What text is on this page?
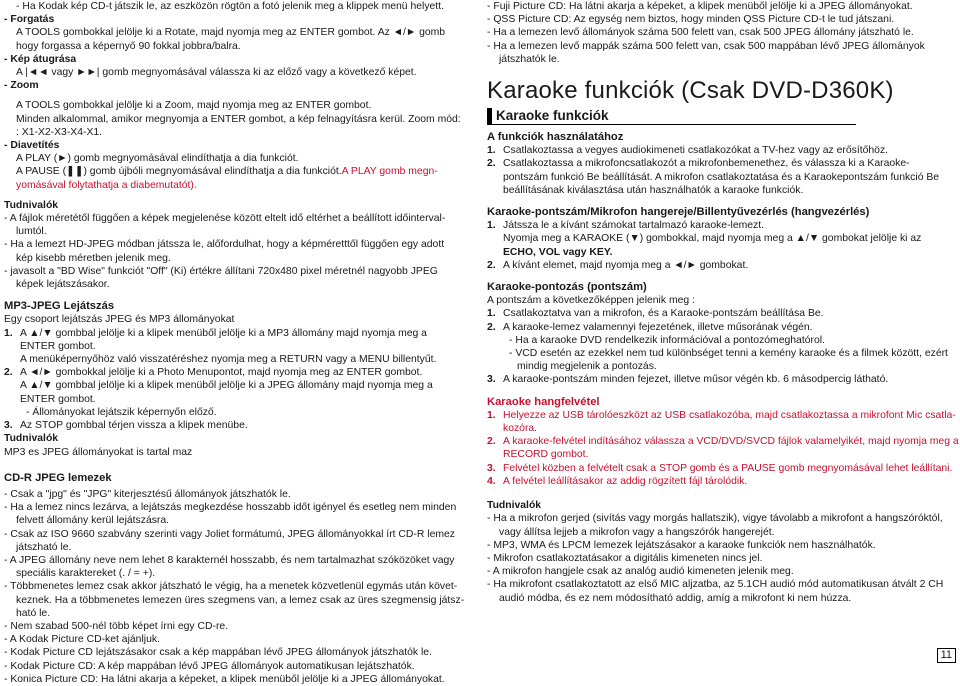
- Ha Kodak kép CD-t játszik le, az eszközön rögtön a fotó jelenik meg a klippek menü helyett.
- Forgatás
A TOOLS gombokkal jelölje ki a Rotate, majd nyomja meg az ENTER gombot. Az ◄/► gomb
hogy forgassa a képernyő 90 fokkal jobbra/balra.
- Kép átugrása
A |◄◄ vagy ►►| gomb megnyomásával válassza ki az előző vagy a következő képet.
- Zoom
A TOOLS gombokkal jelölje ki a Zoom, majd nyomja meg az ENTER gombot.
Minden alkalommal, amikor megnyomja a ENTER gombot, a kép felnagyításra kerül. Zoom mód:
: X1-X2-X3-X4-X1.
- Diavetítés
A PLAY (►) gomb megnyomásával elindíthatja a dia funkciót.
A PAUSE (❚❚) gomb újbóli megnyomásával elindíthatja a dia funkciót.A PLAY gomb megn-
yomásával folytathatja a diabemutatót).
Tudnivalók
- A fájlok méretétől függően a képek megjelenése között eltelt idő eltérhet a beállított időinterval-
lumtól.
- Ha a lemezt HD-JPEG módban játssza le, alőfordulhat, hogy a képméretttől függően egy adott
kép kisebb méretben jelenik meg.
- javasolt a "BD Wise" funkciót "Off" (Ki) értékre állítani 720x480 pixel méretnél nagyobb JPEG
képek lejátszásakor.
MP3-JPEG Lejátszás
Egy csoport lejátszás JPEG és MP3 állományokat
1. A ▲/▼ gombbal jelölje ki a klipek menüből jelölje ki a MP3 állomány majd nyomja meg a
ENTER gombot.
A menüképernyőhöz való visszatéréshez nyomja meg a RETURN vagy a MENU billentyűt.
2. A ◄/► gombokkal jelölje ki a Photo Menupontot, majd nyomja meg az ENTER gombot.
A ▲/▼ gombbal jelölje ki a klipek menüből jelölje ki a JPEG állomány majd nyomja meg a
ENTER gombot.
- Állományokat lejátszik képernyőn előző.
3. Az STOP gombbal térjen vissza a klipek menübe.
Tudnivalók
MP3 es JPEG állományokat is tartal maz
CD-R JPEG lemezek
- Csak a "jpg" és "JPG" kiterjesztésű állományok játszhatók le.
- Ha a lemez nincs lezárva, a lejátszás megkezdése hosszabb időt igényel és esetleg nem minden
felvett állomány kerül lejátszásra.
- Csak az ISO 9660 szabvány szerinti vagy Joliet formátumú, JPEG állományokkal írt CD-R lemez
játszható le.
- A JPEG állomány neve nem lehet 8 karakternél hosszabb, és nem tartalmazhat szóközöket vagy
speciális karaktereket (. / = +).
- Többmenetes lemez csak akkor játszható le végig, ha a menetek közvetlenül egymás után követ-
keznek. Ha a többmenetes lemezen üres szegmens van, a lemez csak az üres szegmensig játsz-
ható le.
- Nem szabad 500-nél több képet írni egy CD-re.
- A Kodak Picture CD-ket ajánljuk.
- Kodak Picture CD lejátszásakor csak a kép mappában lévő JPEG állományok játszhatók le.
- Kodak Picture CD: A kép mappában lévő JPEG állományok automatikusan lejátszhatók.
- Konica Picture CD: Ha látni akarja a képeket, a klipek menüből jelölje ki a JPEG állományokat.
- Fuji Picture CD: Ha látni akarja a képeket, a klipek menüből jelölje ki a JPEG állományokat.
- QSS Picture CD: Az egység nem biztos, hogy minden QSS Picture CD-t le tud játszani.
- Ha a lemezen levő állományok száma 500 felett van, csak 500 JPEG állomány játszható le.
- Ha a lemezen levő mappák száma 500 felett van, csak 500 mappában lévő JPEG állományok
játszhatók le.
Karaoke funkciók (Csak DVD-D360K)
Karaoke funkciók
A funkciók használatához
1. Csatlakoztassa a vegyes audiokimeneti csatlakozókat a TV-hez vagy az erősítőhöz.
2. Csatlakoztassa a mikrofoncsatlakozót a mikrofonbemenethez, és válassza ki a Karaoke-
pontszám funkció Be beállítását. A mikrofon csatlakoztatása és a Karaokepontszám funkció Be
beállításának kiválasztása után használhatók a karaoke funkciók.
Karaoke-pontszám/Mikrofon hangereje/Billentyűvezérlés (hangvezérlés)
1. Játssza le a kívánt számokat tartalmazó karaoke-lemezt.
Nyomja meg a KARAOKE (▼) gombokkal, majd nyomja meg a ▲/▼ gombokat jelölje ki az
ECHO, VOL vagy KEY.
2. A kívánt elemet, majd nyomja meg a ◄/► gombokat.
Karaoke-pontozás (pontszám)
A pontszám a következőképpen jelenik meg :
1. Csatlakoztatva van a mikrofon, és a Karaoke-pontszám beállítása Be.
2. A karaoke-lemez valamennyi fejezetének, illetve műsorának végén.
- Ha a karaoke DVD rendelkezik információval a pontozómeghatórol.
- VCD esetén az ezekkel nem tud különbséget tenni a kemény karaoke és a filmek között, ezért
mindig megjelenik a pontozás.
3. A karaoke-pontszám minden fejezet, illetve műsor végén kb. 6 másodpercig látható.
Karaoke hangfelvétel
1. Helyezze az USB tárolóeszközt az USB csatlakozóba, majd csatlakoztassa a mikrofont Mic csatla-
kozóra.
2. A karaoke-felvétel indításához válassza a VCD/DVD/SVCD fájlok valamelyikét, majd nyomja meg a
RECORD gombot.
3. Felvétel közben a felvételt csak a STOP gomb és a PAUSE gomb megnyomásával lehet leállítani.
4. A felvétel leállításakor az addig rögzített fájl tárolódik.
Tudnivalók
- Ha a mikrofon gerjed (sivítás vagy morgás hallatszik), vigye távolabb a mikrofont a hangszóróktól,
vagy állítsa lejjeb a mikrofon vagy a hangszórók hangerejét.
- MP3, WMA és LPCM lemezek lejátszásakor a karaoke funkciók nem használhatók.
- Mikrofon csatlakoztatásakor a digitális kimeneten nincs jel.
- A mikrofon hangjele csak az analóg audió kimeneten jelenik meg.
- Ha mikrofont csatlakoztatott az első MIC aljzatba, az 5.1CH audió mód automatikusan átvált 2 CH
audió módba, és ez nem módosítható addig, amíg a mikrofont ki nem húzza.
11
